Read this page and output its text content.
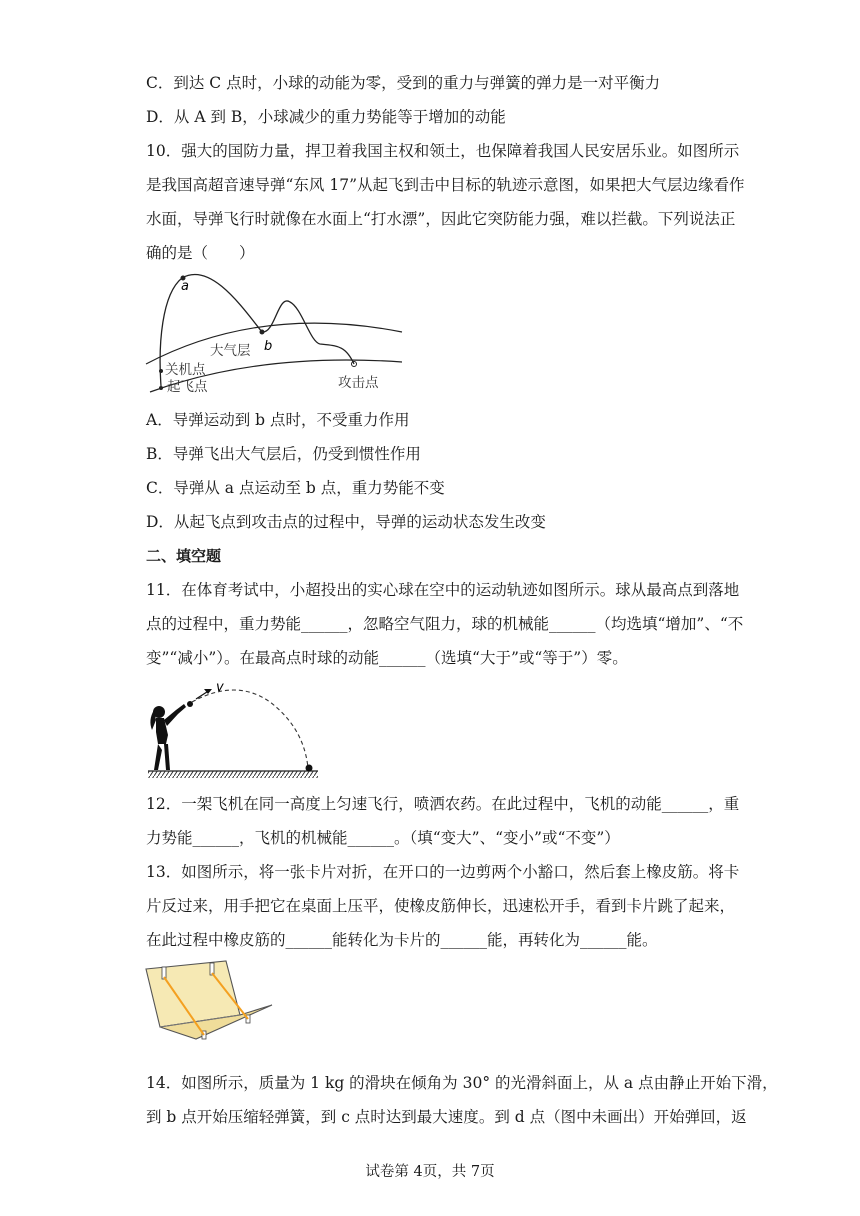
C．到达 C 点时，小球的动能为零，受到的重力与弹簧的弹力是一对平衡力
D．从 A 到 B，小球减少的重力势能等于增加的动能
10．强大的国防力量，捍卫着我国主权和领土，也保障着我国人民安居乐业。如图所示
是我国高超音速导弹“东风 17”从起飞到击中目标的轨迹示意图，如果把大气层边缘看作
水面，导弹飞行时就像在水面上“打水漂”，因此它突防能力强，难以拦截。下列说法正
确的是（　　）
a
b
大气层
关机点
起飞点	攻击点
A．导弹运动到 b 点时，不受重力作用
B．导弹飞出大气层后，仍受到惯性作用
C．导弹从 a 点运动至 b 点，重力势能不变
D．从起飞点到攻击点的过程中，导弹的运动状态发生改变
二、填空题
11．在体育考试中，小超投出的实心球在空中的运动轨迹如图所示。球从最高点到落地
点的过程中，重力势能______，忽略空气阻力，球的机械能______（均选填“增加”、“不
变”“减小”）。在最高点时球的动能______（选填“大于”或“等于”）零。
v
12．一架飞机在同一高度上匀速飞行，喷洒农药。在此过程中，飞机的动能______，重
力势能______，飞机的机械能______。（填“变大”、“变小”或“不变”）
13．如图所示，将一张卡片对折，在开口的一边剪两个小豁口，然后套上橡皮筋。将卡
片反过来，用手把它在桌面上压平，使橡皮筋伸长，迅速松开手，看到卡片跳了起来，
在此过程中橡皮筋的______能转化为卡片的______能，再转化为______能。
14．如图所示，质量为 1 kg 的滑块在倾角为 30° 的光滑斜面上，从 a 点由静止开始下滑，
到 b 点开始压缩轻弹簧，到 c 点时达到最大速度。到 d 点（图中未画出）开始弹回，返
试卷第 4页，共 7页
